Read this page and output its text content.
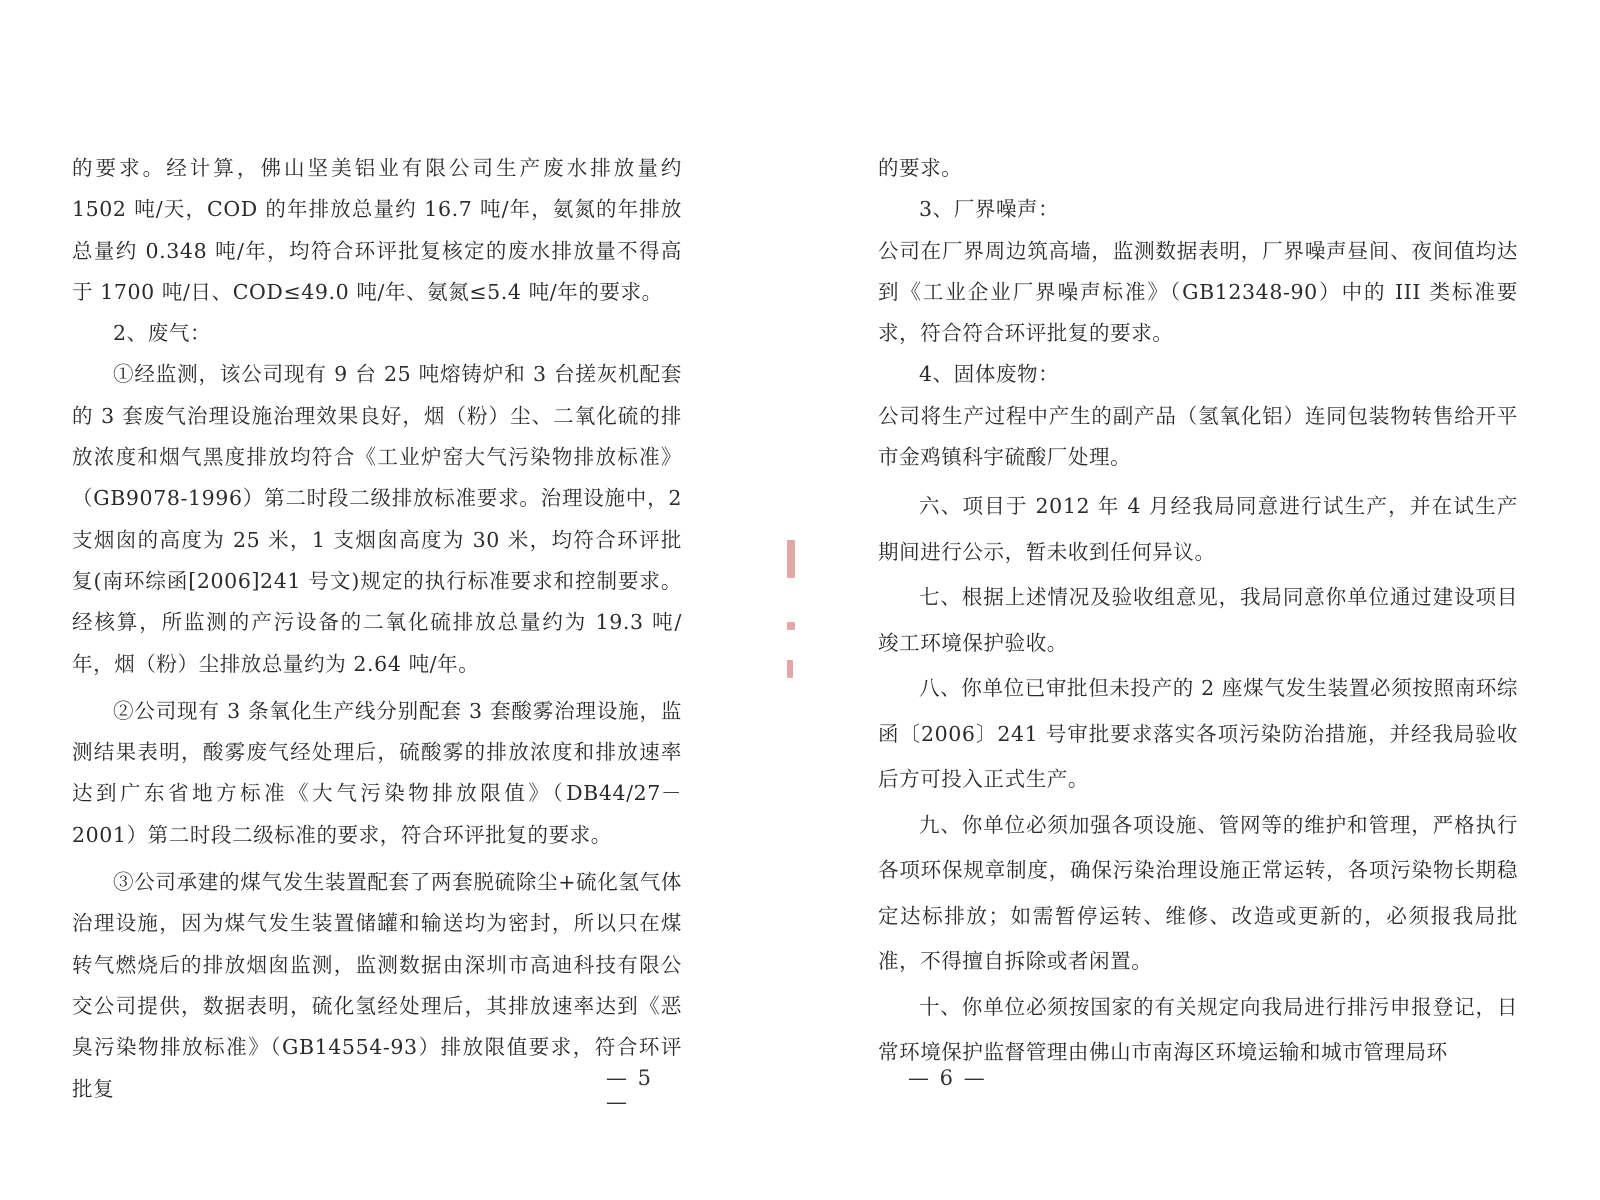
的要求。经计算，佛山坚美铝业有限公司生产废水排放量约 1502 吨/天，COD 的年排放总量约 16.7 吨/年，氨氮的年排放总量约 0.348 吨/年，均符合环评批复核定的废水排放量不得高于 1700 吨/日、COD≤49.0 吨/年、氨氮≤5.4 吨/年的要求。

2、废气：

①经监测，该公司现有 9 台 25 吨熔铸炉和 3 台搓灰机配套的 3 套废气治理设施治理效果良好，烟（粉）尘、二氧化硫的排放浓度和烟气黑度排放均符合《工业炉窑大气污染物排放标准》（GB9078-1996）第二时段二级排放标准要求。治理设施中，2 支烟囱的高度为 25 米，1 支烟囱高度为 30 米，均符合环评批复(南环综函[2006]241 号文)规定的执行标准要求和控制要求。经核算，所监测的产污设备的二氧化硫排放总量约为 19.3 吨/年，烟（粉）尘排放总量约为 2.64 吨/年。

②公司现有 3 条氧化生产线分别配套 3 套酸雾治理设施，监测结果表明，酸雾废气经处理后，硫酸雾的排放浓度和排放速率达到广东省地方标准《大气污染物排放限值》（DB44/27－2001）第二时段二级标准的要求，符合环评批复的要求。

③公司承建的煤气发生装置配套了两套脱硫除尘+硫化氢气体治理设施，因为煤气发生装置储罐和输送均为密封，所以只在煤转气燃烧后的排放烟囱监测，监测数据由深圳市高迪科技有限公交公司提供，数据表明，硫化氢经处理后，其排放速率达到《恶臭污染物排放标准》（GB14554-93）排放限值要求，符合环评批复	— 5 —

的要求。

3、厂界噪声：

公司在厂界周边筑高墙，监测数据表明，厂界噪声昼间、夜间值均达到《工业企业厂界噪声标准》（GB12348-90）中的 III 类标准要求，符合符合环评批复的要求。

4、固体废物：

公司将生产过程中产生的副产品（氢氧化铝）连同包装物转售给开平市金鸡镇科宇硫酸厂处理。

六、项目于 2012 年 4 月经我局同意进行试生产，并在试生产期间进行公示，暂未收到任何异议。

七、根据上述情况及验收组意见，我局同意你单位通过建设项目竣工环境保护验收。

八、你单位已审批但未投产的 2 座煤气发生装置必须按照南环综函〔2006〕241 号审批要求落实各项污染防治措施，并经我局验收后方可投入正式生产。

九、你单位必须加强各项设施、管网等的维护和管理，严格执行各项环保规章制度，确保污染治理设施正常运转，各项污染物长期稳定达标排放；如需暂停运转、维修、改造或更新的，必须报我局批准，不得擅自拆除或者闲置。

十、你单位必须按国家的有关规定向我局进行排污申报登记，日常环境保护监督管理由佛山市南海区环境运输和城市管理局环

— 6 —
